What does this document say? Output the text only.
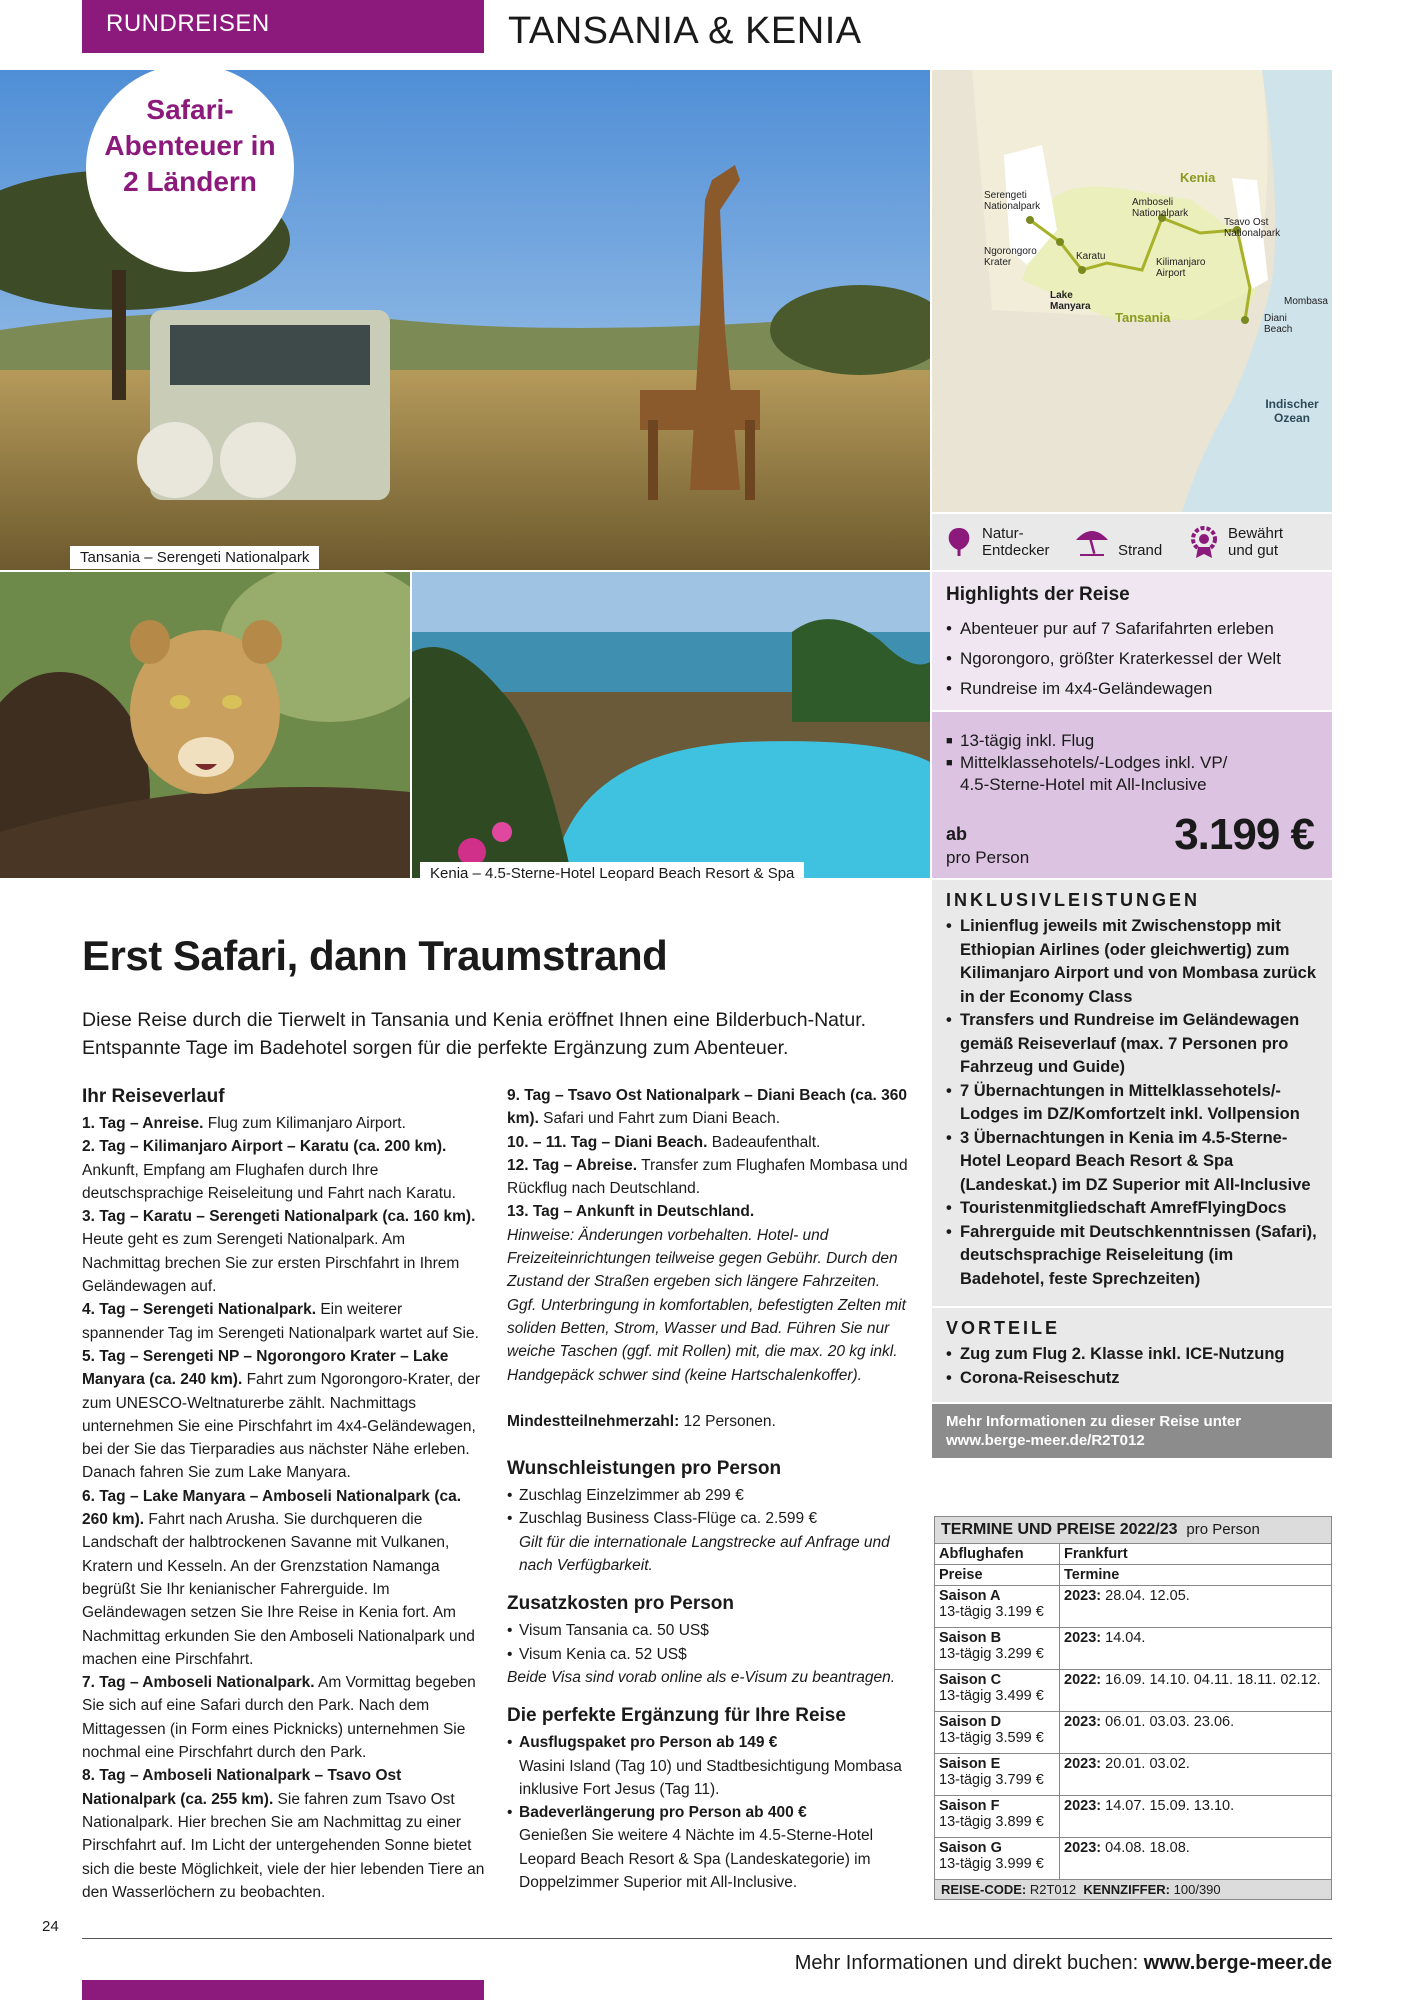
RUNDREISEN	TANSANIA & KENIA
Tansania – Serengeti Nationalpark
Safari-
Abenteuer in
2 Ländern	Kenia
Tansania
Indischer
Ozean
Serengeti
Nationalpark	Amboseli
Nationalpark
Tsavo Ost
Nationalpark
Ngorongoro
Krater
Karatu
Kilimanjaro
Airport
Lake
Manyara	Mombasa
Diani
Beach
Natur-
Entdecker	Strand
Bewährt
und gut
Highlights der Reise
• Abenteuer pur auf 7 Safarifahrten erleben
• Ngorongoro, größter Kraterkessel der Welt
• Rundreise im 4x4-Geländewagen
■ 13-tägig inkl. Flug
■ Mittelklassehotels/-Lodges inkl. VP/
4.5-Sterne-Hotel mit All-Inclusive
ab
pro Person	3.199 €
INKLUSIVLEISTUNGEN
• Linienflug jeweils mit Zwischenstopp mit Ethiopian Airlines (oder gleichwertig) zum Kilimanjaro Airport und von Mombasa zurück in der Economy Class
• Transfers und Rundreise im Geländewagen gemäß Reiseverlauf (max. 7 Personen pro Fahrzeug und Guide)
• 7 Übernachtungen in Mittelklassehotels/-Lodges im DZ/Komfortzelt inkl. Vollpension
• 3 Übernachtungen in Kenia im 4.5-Sterne-Hotel Leopard Beach Resort & Spa (Landeskat.) im DZ Superior mit All-Inclusive
• Touristenmitgliedschaft AmrefFlyingDocs
• Fahrerguide mit Deutschkenntnissen (Safari), deutschsprachige Reiseleitung (im Badehotel, feste Sprechzeiten)
VORTEILE
• Zug zum Flug 2. Klasse inkl. ICE-Nutzung
• Corona-Reiseschutz
Mehr Informationen zu dieser Reise unter
www.berge-meer.de/R2T012
Kenia – 4.5-Sterne-Hotel Leopard Beach Resort & Spa
Erst Safari, dann Traumstrand
Diese Reise durch die Tierwelt in Tansania und Kenia eröffnet Ihnen eine Bilderbuch-Natur. Entspannte Tage im Badehotel sorgen für die perfekte Ergänzung zum Abenteuer.
Ihr Reiseverlauf

1. Tag – Anreise. Flug zum Kilimanjaro Airport.

2. Tag – Kilimanjaro Airport – Karatu (ca. 200 km). Ankunft, Empfang am Flughafen durch Ihre deutschsprachige Reiseleitung und Fahrt nach Karatu.

3. Tag – Karatu – Serengeti Nationalpark (ca. 160 km). Heute geht es zum Serengeti Nationalpark. Am Nachmittag brechen Sie zur ersten Pirschfahrt in Ihrem Geländewagen auf.

4. Tag – Serengeti Nationalpark. Ein weiterer spannender Tag im Serengeti Nationalpark wartet auf Sie.

5. Tag – Serengeti NP – Ngorongoro Krater – Lake Manyara (ca. 240 km). Fahrt zum Ngorongoro-Krater, der zum UNESCO-Weltnaturerbe zählt. Nachmittags unternehmen Sie eine Pirschfahrt im 4x4-Geländewagen, bei der Sie das Tierparadies aus nächster Nähe erleben. Danach fahren Sie zum Lake Manyara.

6. Tag – Lake Manyara – Amboseli Nationalpark (ca. 260 km). Fahrt nach Arusha. Sie durchqueren die Landschaft der halbtrockenen Savanne mit Vulkanen, Kratern und Kesseln. An der Grenzstation Namanga begrüßt Sie Ihr kenianischer Fahrerguide. Im Geländewagen setzen Sie Ihre Reise in Kenia fort. Am Nachmittag erkunden Sie den Amboseli Nationalpark und machen eine Pirschfahrt.

7. Tag – Amboseli Nationalpark. Am Vormittag begeben Sie sich auf eine Safari durch den Park. Nach dem Mittagessen (in Form eines Picknicks) unternehmen Sie nochmal eine Pirschfahrt durch den Park.

8. Tag – Amboseli Nationalpark – Tsavo Ost Nationalpark (ca. 255 km). Sie fahren zum Tsavo Ost Nationalpark. Hier brechen Sie am Nachmittag zu einer Pirschfahrt auf. Im Licht der untergehenden Sonne bietet sich die beste Möglichkeit, viele der hier lebenden Tiere an den Wasserlöchern zu beobachten.

9. Tag – Tsavo Ost Nationalpark – Diani Beach (ca. 360 km). Safari und Fahrt zum Diani Beach.

10. – 11. Tag – Diani Beach. Badeaufenthalt.

12. Tag – Abreise. Transfer zum Flughafen Mombasa und Rückflug nach Deutschland.

13. Tag – Ankunft in Deutschland.

Hinweise: Änderungen vorbehalten. Hotel- und Freizeiteinrichtungen teilweise gegen Gebühr. Durch den Zustand der Straßen ergeben sich längere Fahrzeiten. Ggf. Unterbringung in komfortablen, befestigten Zelten mit soliden Betten, Strom, Wasser und Bad. Führen Sie nur weiche Taschen (ggf. mit Rollen) mit, die max. 20 kg inkl. Handgepäck schwer sind (keine Hartschalenkoffer).

Mindestteilnehmerzahl: 12 Personen.

Wunschleistungen pro Person
• Zuschlag Einzelzimmer ab 299 €
• Zuschlag Business Class-Flüge ca. 2.599 €

Gilt für die internationale Langstrecke auf Anfrage und nach Verfügbarkeit.

Zusatzkosten pro Person
• Visum Tansania ca. 50 US$
• Visum Kenia ca. 52 US$

Beide Visa sind vorab online als e-Visum zu beantragen.

Die perfekte Ergänzung für Ihre Reise
• Ausflugspaket pro Person ab 149 €
Wasini Island (Tag 10) und Stadtbesichtigung Mombasa inklusive Fort Jesus (Tag 11).
• Badeverlängerung pro Person ab 400 €
Genießen Sie weitere 4 Nächte im 4.5-Sterne-Hotel Leopard Beach Resort & Spa (Landeskategorie) im Doppelzimmer Superior mit All-Inclusive.
TERMINE UND PREISE 2022/23 pro Person	
Abflughafen	Frankfurt
Preise	Termine
Saison A
13-tägig 3.199 €	2023: 28.04. 12.05.
Saison B
13-tägig 3.299 €	2023: 14.04.
Saison C
13-tägig 3.499 €	2022: 16.09. 14.10. 04.11. 18.11. 02.12.
Saison D
13-tägig 3.599 €	2023: 06.01. 03.03. 23.06.
Saison E
13-tägig 3.799 €	2023: 20.01. 03.02.
Saison F
13-tägig 3.899 €	2023: 14.07. 15.09. 13.10.
Saison G
13-tägig 3.999 €	2023: 04.08. 18.08.
REISE-CODE: R2T012 KENNZIFFER: 100/390	
24
Mehr Informationen und direkt buchen: www.berge-meer.de
